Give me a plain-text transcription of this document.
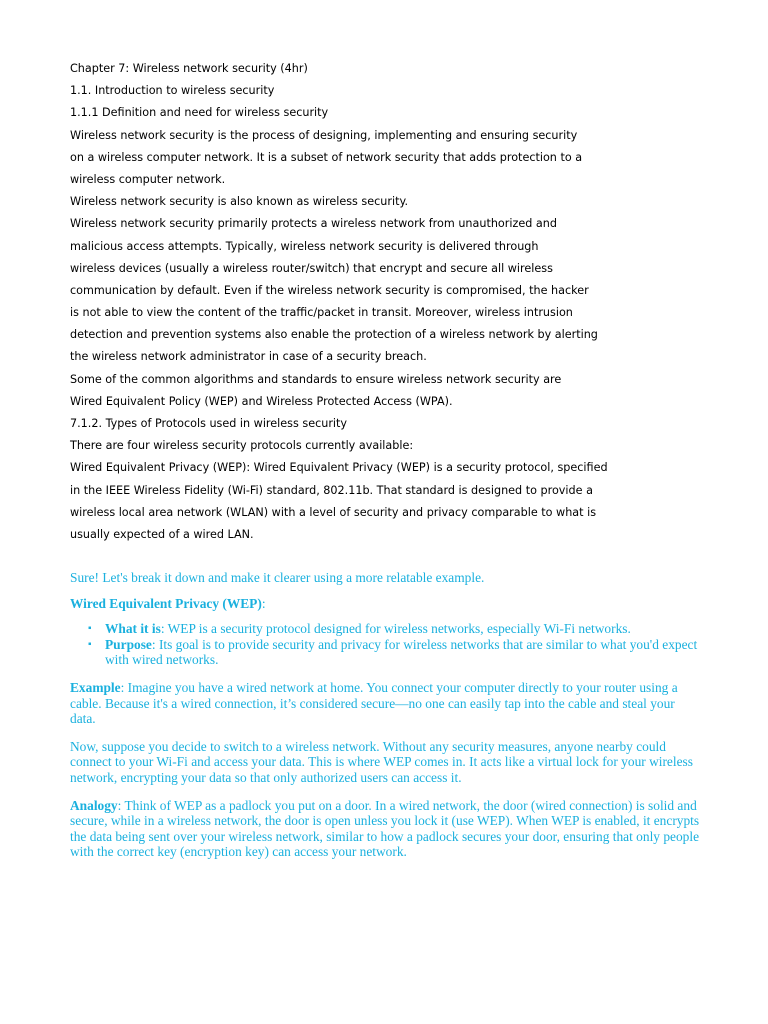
Chapter 7: Wireless network security (4hr)
1.1. Introduction to wireless security
1.1.1 Definition and need for wireless security
Wireless network security is the process of designing, implementing and ensuring security
on a wireless computer network. It is a subset of network security that adds protection to a
wireless computer network.
Wireless network security is also known as wireless security.
Wireless network security primarily protects a wireless network from unauthorized and
malicious access attempts. Typically, wireless network security is delivered through
wireless devices (usually a wireless router/switch) that encrypt and secure all wireless
communication by default. Even if the wireless network security is compromised, the hacker
is not able to view the content of the traffic/packet in transit. Moreover, wireless intrusion
detection and prevention systems also enable the protection of a wireless network by alerting
the wireless network administrator in case of a security breach.
Some of the common algorithms and standards to ensure wireless network security are
Wired Equivalent Policy (WEP) and Wireless Protected Access (WPA).
7.1.2. Types of Protocols used in wireless security
There are four wireless security protocols currently available:
Wired Equivalent Privacy (WEP): Wired Equivalent Privacy (WEP) is a security protocol, specified
in the IEEE Wireless Fidelity (Wi-Fi) standard, 802.11b. That standard is designed to provide a
wireless local area network (WLAN) with a level of security and privacy comparable to what is
usually expected of a wired LAN.

Sure! Let's break it down and make it clearer using a more relatable example.

Wired Equivalent Privacy (WEP):

▪ What it is: WEP is a security protocol designed for wireless networks, especially Wi-Fi networks.
▪ Purpose: Its goal is to provide security and privacy for wireless networks that are similar to what you'd expect with wired networks.

Example: Imagine you have a wired network at home. You connect your computer directly to your router using a cable. Because it's a wired connection, it’s considered secure—no one can easily tap into the cable and steal your data.

Now, suppose you decide to switch to a wireless network. Without any security measures, anyone nearby could connect to your Wi-Fi and access your data. This is where WEP comes in. It acts like a virtual lock for your wireless network, encrypting your data so that only authorized users can access it.

Analogy: Think of WEP as a padlock you put on a door. In a wired network, the door (wired connection) is solid and secure, while in a wireless network, the door is open unless you lock it (use WEP). When WEP is enabled, it encrypts the data being sent over your wireless network, similar to how a padlock secures your door, ensuring that only people with the correct key (encryption key) can access your network.
